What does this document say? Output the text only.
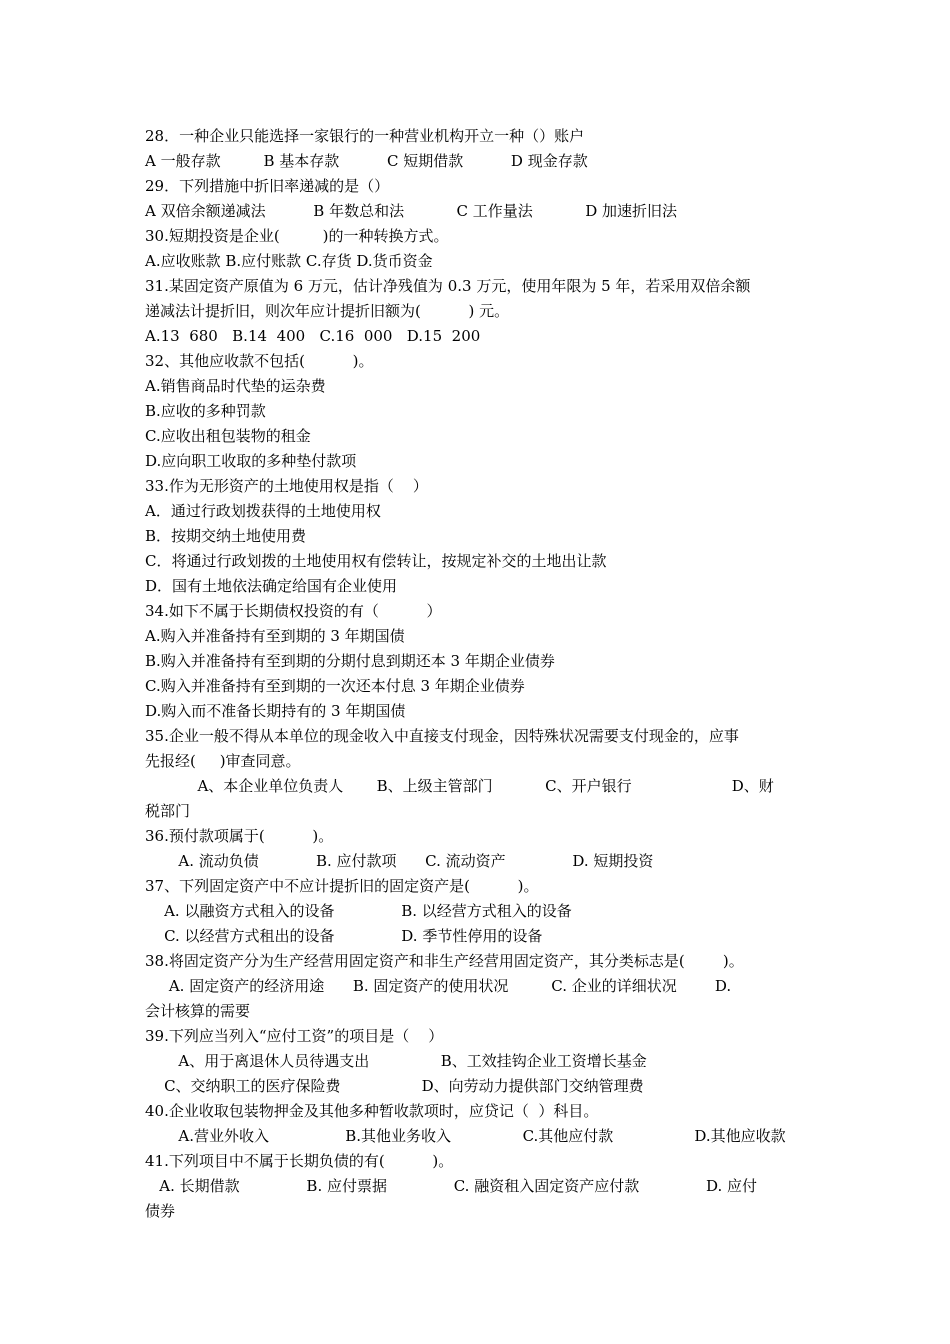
28．一种企业只能选择一家银行的一种营业机构开立一种（）账户
A 一般存款         B 基本存款          C 短期借款          D 现金存款
29．下列措施中折旧率递减的是（）
A 双倍余额递减法          B 年数总和法           C 工作量法           D 加速折旧法
30.短期投资是企业(         )的一种转换方式。
A.应收账款 B.应付账款 C.存货 D.货币资金
31.某固定资产原值为 6 万元，估计净残值为 0.3 万元，使用年限为 5 年，若采用双倍余额
递减法计提折旧，则次年应计提折旧额为(          ) 元。
A.13  680   B.14  400   C.16  000   D.15  200
32、其他应收款不包括(          )。
A.销售商品时代垫的运杂费
B.应收的多种罚款
C.应收出租包装物的租金
D.应向职工收取的多种垫付款项
33.作为无形资产的土地使用权是指（    ）
A．通过行政划拨获得的土地使用权
B．按期交纳土地使用费
C．将通过行政划拨的土地使用权有偿转让，按规定补交的土地出让款
D．国有土地依法确定给国有企业使用
34.如下不属于长期债权投资的有（          ）
A.购入并准备持有至到期的 3 年期国债
B.购入并准备持有至到期的分期付息到期还本 3 年期企业债券
C.购入并准备持有至到期的一次还本付息 3 年期企业债券
D.购入而不准备长期持有的 3 年期国债
35.企业一般不得从本单位的现金收入中直接支付现金，因特殊状况需要支付现金的，应事
先报经(     )审查同意。
A、本企业单位负责人       B、上级主管部门           C、开户银行                     D、财
税部门
36.预付款项属于(          )。
A. 流动负债            B. 应付款项      C. 流动资产              D. 短期投资
37、下列固定资产中不应计提折旧的固定资产是(          )。
A. 以融资方式租入的设备              B. 以经营方式租入的设备
C. 以经营方式租出的设备              D. 季节性停用的设备
38.将固定资产分为生产经营用固定资产和非生产经营用固定资产，其分类标志是(        )。
A. 固定资产的经济用途      B. 固定资产的使用状况         C. 企业的详细状况        D.
会计核算的需要
39.下列应当列入“应付工资”的项目是（    ）
A、用于离退休人员待遇支出               B、工效挂钩企业工资增长基金
C、交纳职工的医疗保险费                 D、向劳动力提供部门交纳管理费
40.企业收取包装物押金及其他多种暂收款项时，应贷记（  ）科目。
A.营业外收入                B.其他业务收入               C.其他应付款                 D.其他应收款
41.下列项目中不属于长期负债的有(          )。
A. 长期借款              B. 应付票据              C. 融资租入固定资产应付款              D. 应付
债券
